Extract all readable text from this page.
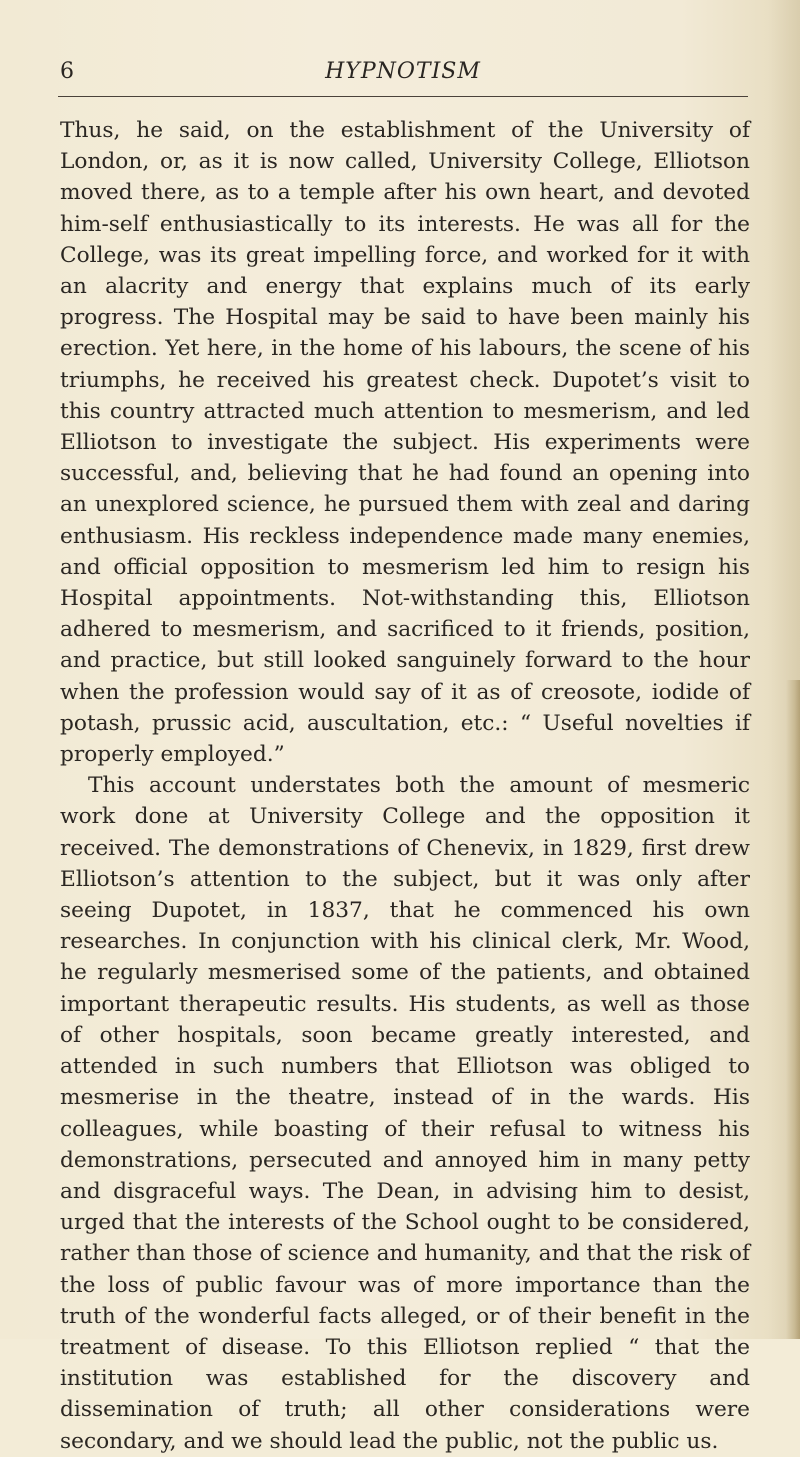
6	HYPNOTISM

Thus, he said, on the establishment of the University of London, or, as it is now called, University College, Elliotson moved there, as to a temple after his own heart, and devoted him-self enthusiastically to its interests. He was all for the College, was its great impelling force, and worked for it with an alacrity and energy that explains much of its early progress. The Hospital may be said to have been mainly his erection. Yet here, in the home of his labours, the scene of his triumphs, he received his greatest check. Dupotet’s visit to this country attracted much attention to mesmerism, and led Elliotson to investigate the subject. His experiments were successful, and, believing that he had found an opening into an unexplored science, he pursued them with zeal and daring enthusiasm. His reckless independence made many enemies, and official opposition to mesmerism led him to resign his Hospital appointments. Not-withstanding this, Elliotson adhered to mesmerism, and sacrificed to it friends, position, and practice, but still looked sanguinely forward to the hour when the profession would say of it as of creosote, iodide of potash, prussic acid, auscultation, etc.: “ Useful novelties if properly employed.”

This account understates both the amount of mesmeric work done at University College and the opposition it received. The demonstrations of Chenevix, in 1829, first drew Elliotson’s attention to the subject, but it was only after seeing Dupotet, in 1837, that he commenced his own researches. In conjunction with his clinical clerk, Mr. Wood, he regularly mesmerised some of the patients, and obtained important therapeutic results. His students, as well as those of other hospitals, soon became greatly interested, and attended in such numbers that Elliotson was obliged to mesmerise in the theatre, instead of in the wards. His colleagues, while boasting of their refusal to witness his demonstrations, persecuted and annoyed him in many petty and disgraceful ways. The Dean, in advising him to desist, urged that the interests of the School ought to be considered, rather than those of science and humanity, and that the risk of the loss of public favour was of more importance than the truth of the wonderful facts alleged, or of their benefit in the treatment of disease. To this Elliotson replied “ that the institution was established for the discovery and dissemination of truth; all other considerations were secondary, and we should lead the public, not the public us.
